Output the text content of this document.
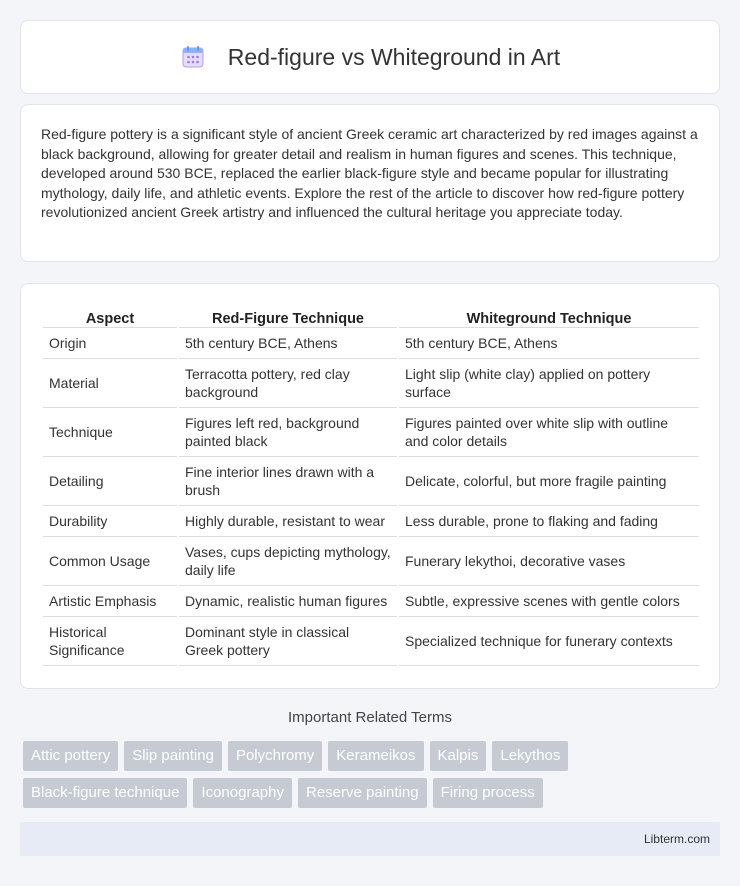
Red-figure vs Whiteground in Art

Red-figure pottery is a significant style of ancient Greek ceramic art characterized by red images against a black background, allowing for greater detail and realism in human figures and scenes. This technique, developed around 530 BCE, replaced the earlier black-figure style and became popular for illustrating mythology, daily life, and athletic events. Explore the rest of the article to discover how red-figure pottery revolutionized ancient Greek artistry and influenced the cultural heritage you appreciate today.

Aspect	Red-Figure Technique	Whiteground Technique
Origin	5th century BCE, Athens	5th century BCE, Athens
Material	Terracotta pottery, red clay background	Light slip (white clay) applied on pottery surface
Technique	Figures left red, background painted black	Figures painted over white slip with outline and color details
Detailing	Fine interior lines drawn with a brush	Delicate, colorful, but more fragile painting
Durability	Highly durable, resistant to wear	Less durable, prone to flaking and fading
Common Usage	Vases, cups depicting mythology, daily life	Funerary lekythoi, decorative vases
Artistic Emphasis	Dynamic, realistic human figures	Subtle, expressive scenes with gentle colors
Historical Significance	Dominant style in classical Greek pottery	Specialized technique for funerary contexts
Important Related Terms
Attic pottery	Slip painting	Polychromy	Kerameikos	Kalpis	Lekythos
Black-figure technique	Iconography	Reserve painting	Firing process
Libterm.com
